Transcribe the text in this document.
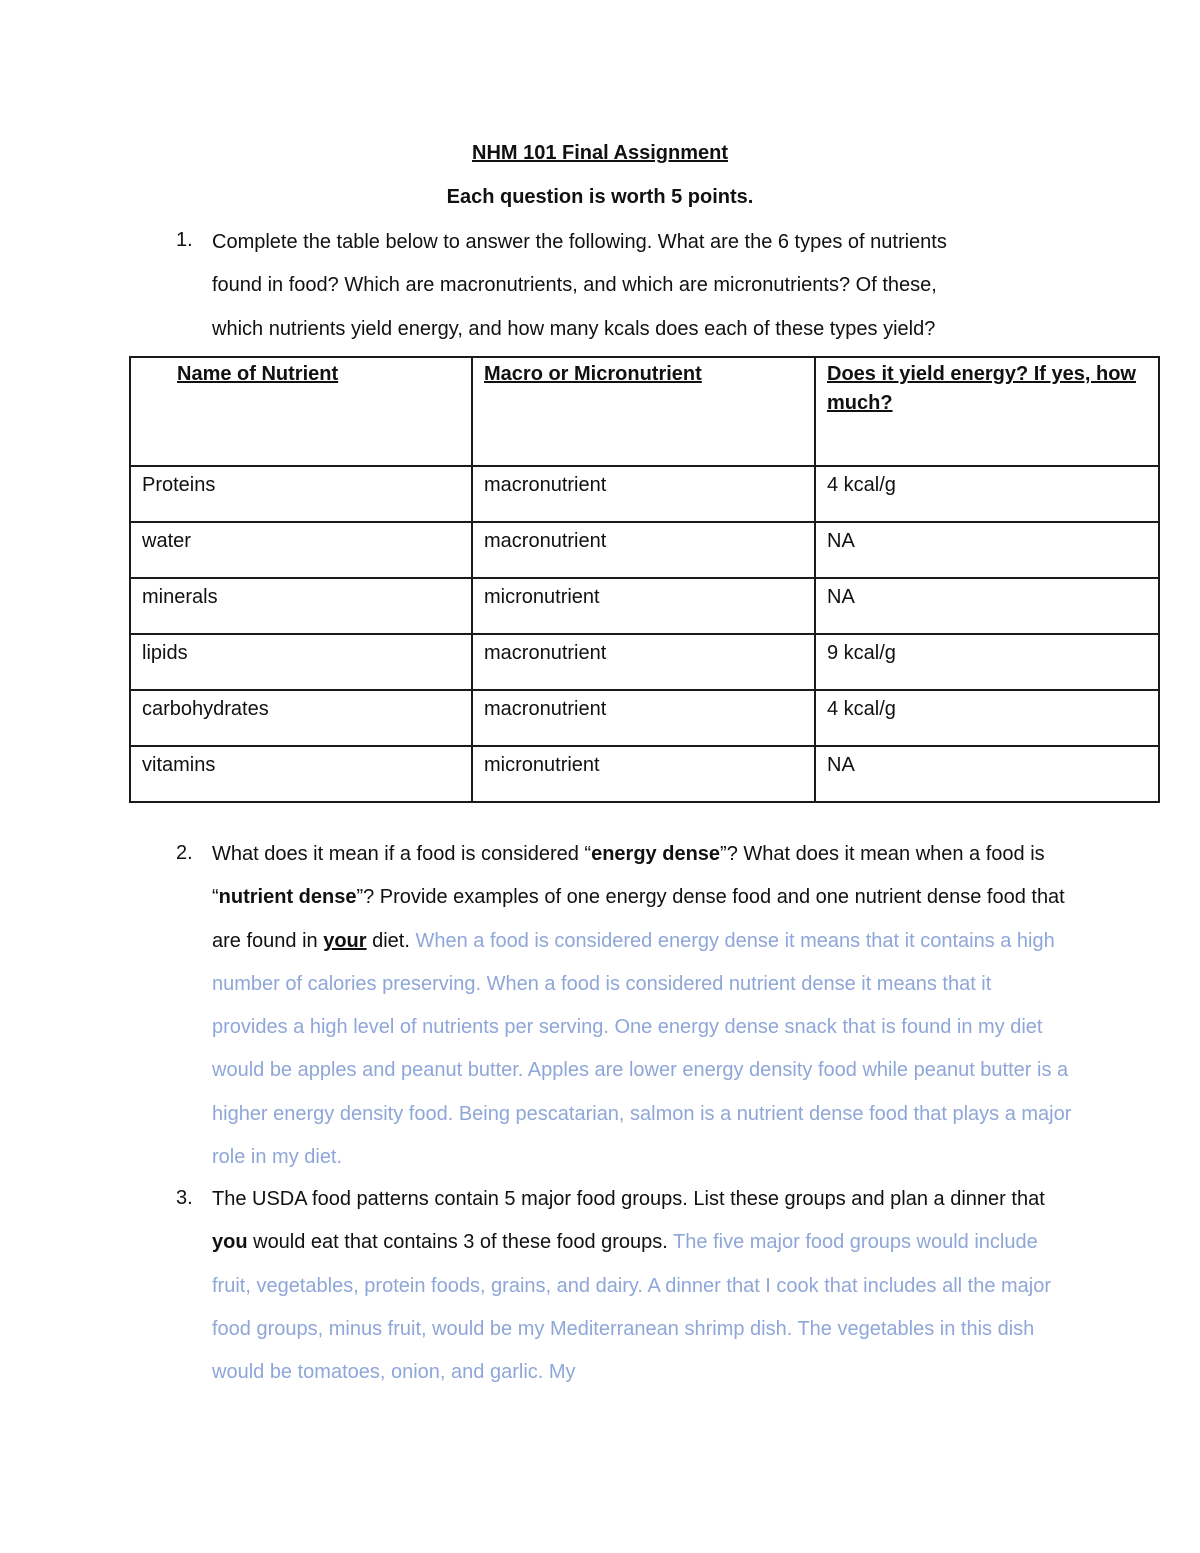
NHM 101 Final Assignment
Each question is worth 5 points.
1. Complete the table below to answer the following. What are the 6 types of nutrients
found in food? Which are macronutrients, and which are micronutrients? Of these,
which nutrients yield energy, and how many kcals does each of these types yield?
Name of Nutrient	Macro or Micronutrient	Does it yield energy? If yes, how much?
Proteins	macronutrient	4 kcal/g
water	macronutrient	NA
minerals	micronutrient	NA
lipids	macronutrient	9 kcal/g
carbohydrates	macronutrient	4 kcal/g
vitamins	micronutrient	NA
2. What does it mean if a food is considered “energy dense”? What does it mean when a food is “nutrient dense”? Provide examples of one energy dense food and one nutrient dense food that are found in your diet. When a food is considered energy dense it means that it contains a high number of calories preserving. When a food is considered nutrient dense it means that it provides a high level of nutrients per serving. One energy dense snack that is found in my diet would be apples and peanut butter. Apples are lower energy density food while peanut butter is a higher energy density food. Being pescatarian, salmon is a nutrient dense food that plays a major role in my diet.
3. The USDA food patterns contain 5 major food groups. List these groups and plan a dinner that you would eat that contains 3 of these food groups. The five major food groups would include fruit, vegetables, protein foods, grains, and dairy. A dinner that I cook that includes all the major food groups, minus fruit, would be my Mediterranean shrimp dish. The vegetables in this dish would be tomatoes, onion, and garlic. My
